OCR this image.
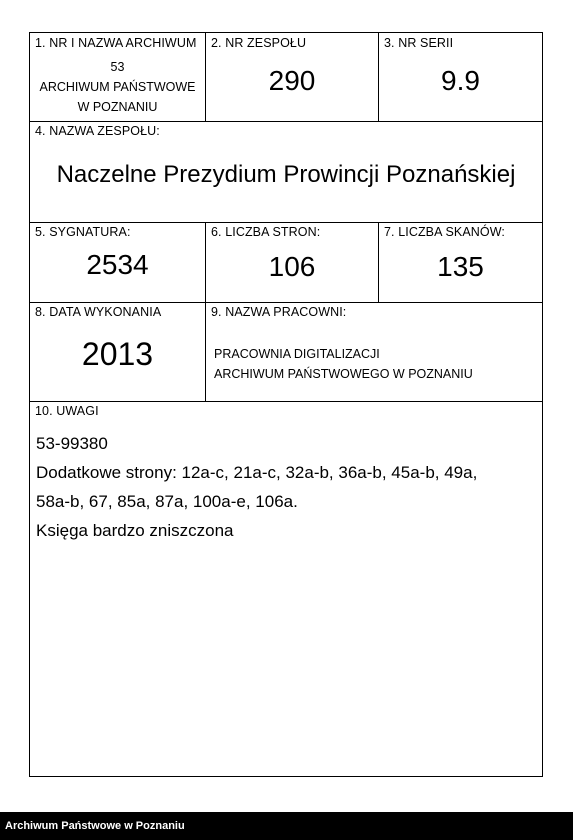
1. NR I NAZWA ARCHIWUM
53
ARCHIWUM PAŃSTWOWE
W POZNANIU
2. NR ZESPOŁU
290
3. NR SERII
9.9
4. NAZWA ZESPOŁU:
Naczelne Prezydium Prowincji Poznańskiej
5. SYGNATURA:
2534
6. LICZBA STRON:
106
7. LICZBA SKANÓW:
135
8. DATA WYKONANIA
2013
9. NAZWA PRACOWNI:
PRACOWNIA DIGITALIZACJI
ARCHIWUM PAŃSTWOWEGO W POZNANIU
10. UWAGI
53-99380
Dodatkowe strony: 12a-c, 21a-c, 32a-b, 36a-b, 45a-b, 49a,
58a-b, 67, 85a, 87a, 100a-e, 106a.
Księga bardzo zniszczona
Archiwum Państwowe w Poznaniu
